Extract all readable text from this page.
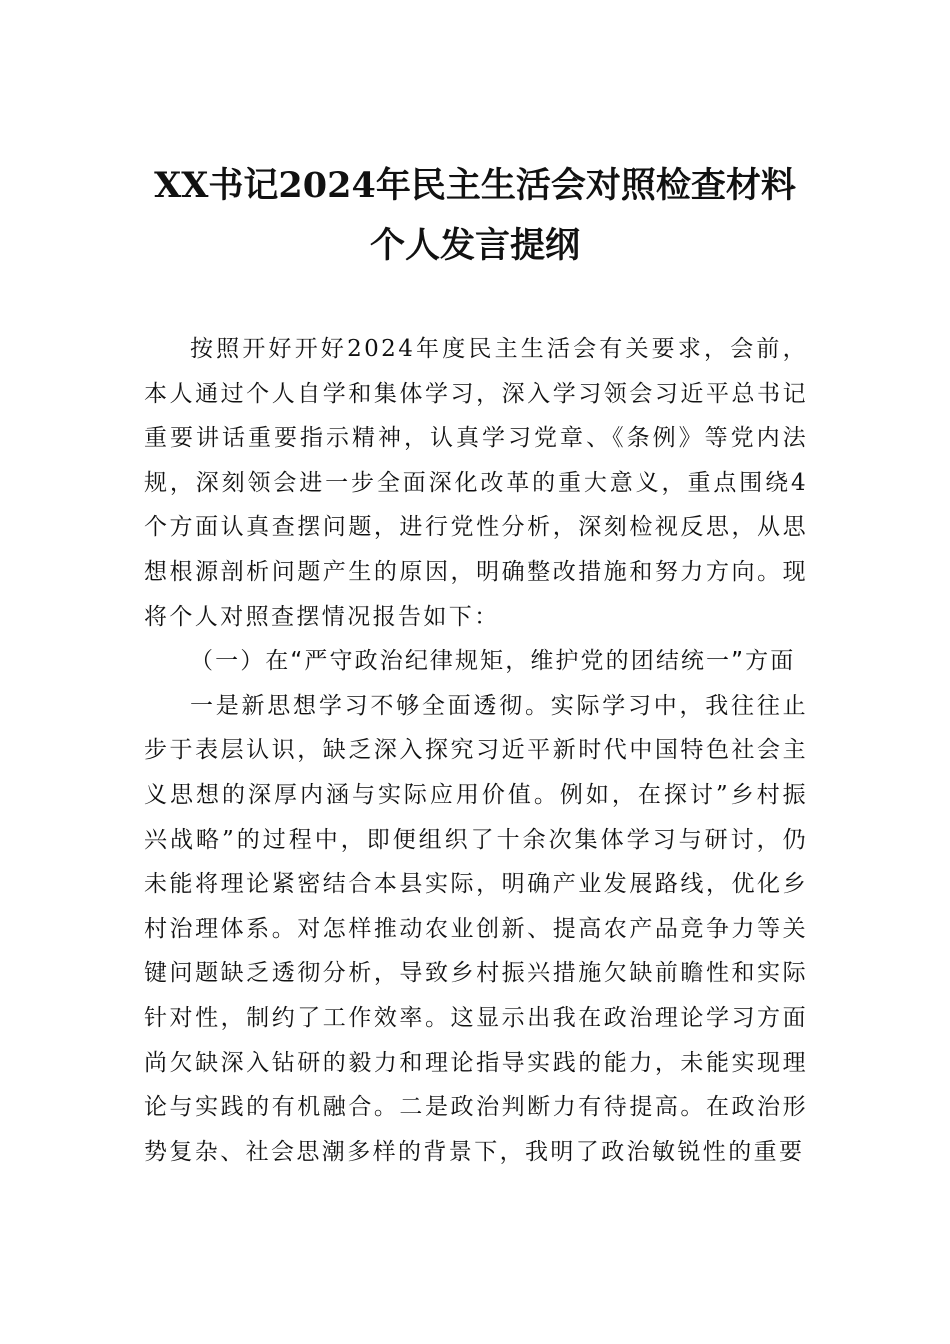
XX书记2024年民主生活会对照检查材料
个人发言提纲

按照开好开好2024年度民主生活会有关要求，会前，本人通过个人自学和集体学习，深入学习领会习近平总书记重要讲话重要指示精神，认真学习党章、《条例》等党内法规，深刻领会进一步全面深化改革的重大意义，重点围绕4个方面认真查摆问题，进行党性分析，深刻检视反思，从思想根源剖析问题产生的原因，明确整改措施和努力方向。现将个人对照查摆情况报告如下：

（一）在“严守政治纪律规矩，维护党的团结统一”方面

一是新思想学习不够全面透彻。实际学习中，我往往止步于表层认识，缺乏深入探究习近平新时代中国特色社会主义思想的深厚内涵与实际应用价值。例如，在探讨”乡村振兴战略”的过程中，即便组织了十余次集体学习与研讨，仍未能将理论紧密结合本县实际，明确产业发展路线，优化乡村治理体系。对怎样推动农业创新、提高农产品竞争力等关键问题缺乏透彻分析，导致乡村振兴措施欠缺前瞻性和实际针对性，制约了工作效率。这显示出我在政治理论学习方面尚欠缺深入钻研的毅力和理论指导实践的能力，未能实现理论与实践的有机融合。二是政治判断力有待提高。在政治形势复杂、社会思潮多样的背景下，我明了政治敏锐性的重要
